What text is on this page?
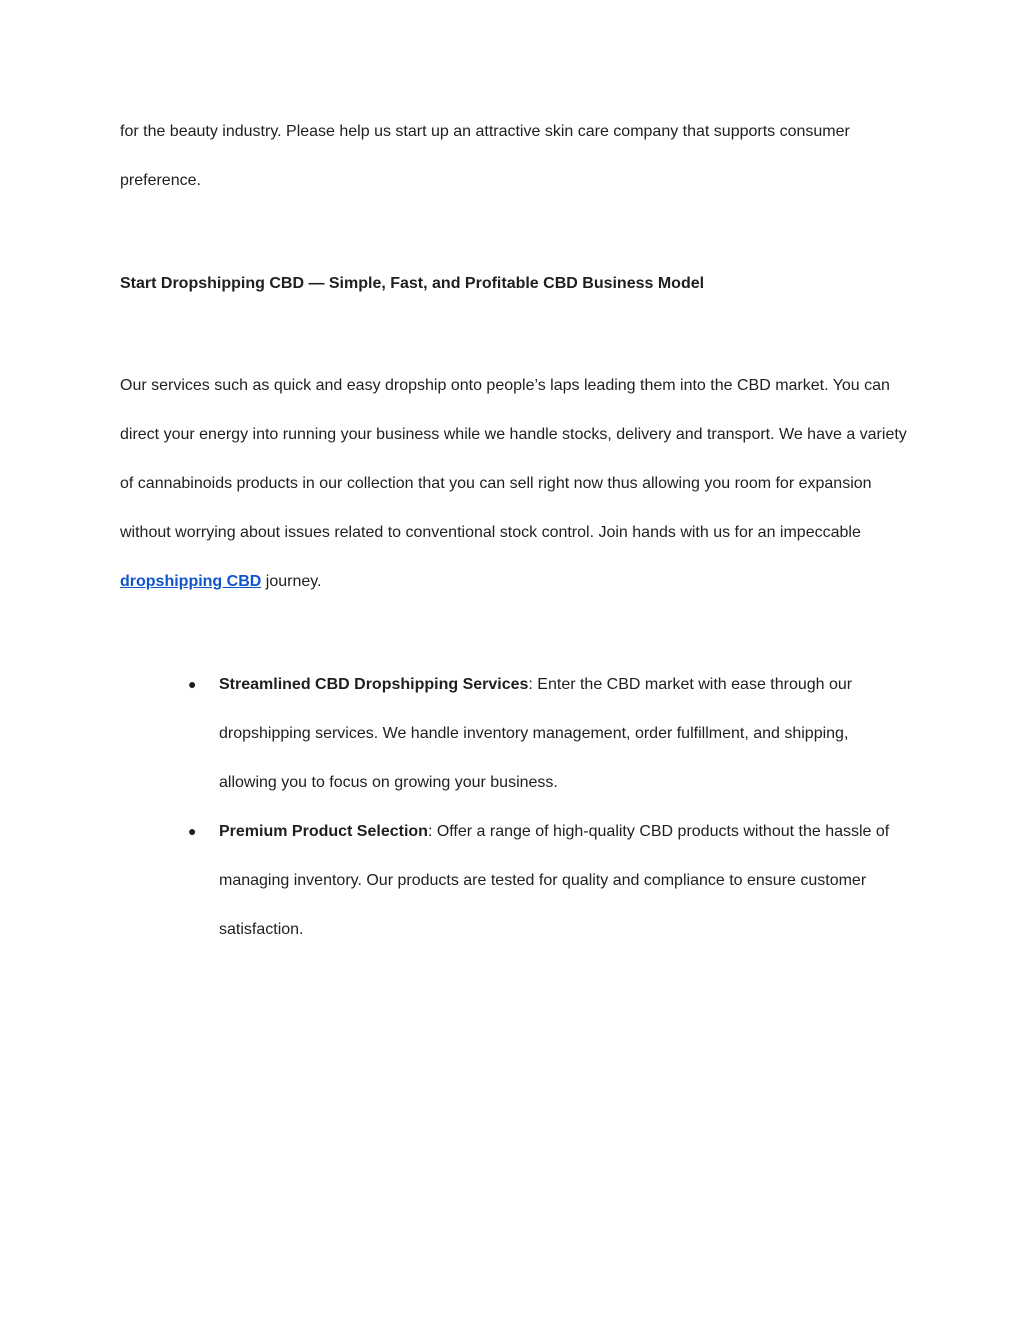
for the beauty industry. Please help us start up an attractive skin care company that supports consumer preference.

Start Dropshipping CBD — Simple, Fast, and Profitable CBD Business Model

Our services such as quick and easy dropship onto people’s laps leading them into the CBD market. You can direct your energy into running your business while we handle stocks, delivery and transport. We have a variety of cannabinoids products in our collection that you can sell right now thus allowing you room for expansion without worrying about issues related to conventional stock control. Join hands with us for an impeccable dropshipping CBD journey.

● Streamlined CBD Dropshipping Services: Enter the CBD market with ease through our dropshipping services. We handle inventory management, order fulfillment, and shipping, allowing you to focus on growing your business.
● Premium Product Selection: Offer a range of high-quality CBD products without the hassle of managing inventory. Our products are tested for quality and compliance to ensure customer satisfaction.
